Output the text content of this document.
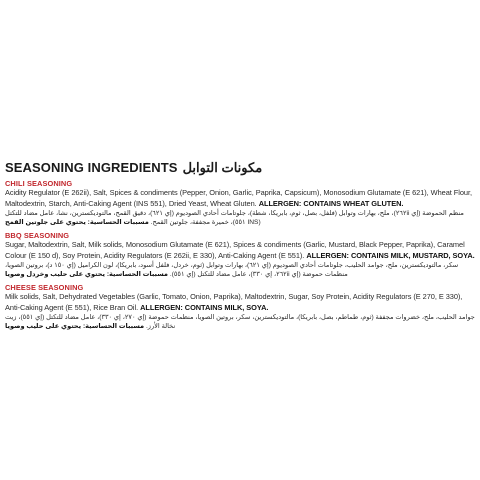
SEASONING INGREDIENTS مكونات التوابل
CHILI SEASONING
Acidity Regulator (E 262ii), Salt, Spices & condiments (Pepper, Onion, Garlic, Paprika, Capsicum), Monosodium Glutamate (E 621), Wheat Flour, Maltodextrin, Starch, Anti-Caking Agent (INS 551), Dried Yeast, Wheat Gluten. ALLERGEN: CONTAINS WHEAT GLUTEN.
منظم الحموضة (إي ٢٦٢ii)، ملح، بهارات وتوابل (فلفل، بصل، ثوم، بابريكا، شطة)، جلوتامات أحادي الصوديوم (إي ٦٢١)، دقيق القمح، مالتوديكسترين، نشا، عامل مضاد للتكتل (INS ٥٥١)، خميرة مجففة، جلوتين القمح. مسببات الحساسية: يحتوي على جلوتين القمح
BBQ SEASONING
Sugar, Maltodextrin, Salt, Milk solids, Monosodium Glutamate (E 621), Spices & condiments (Garlic, Mustard, Black Pepper, Paprika), Caramel Colour (E 150 d), Soy Protein, Acidity Regulators (E 262ii, E 330), Anti-Caking Agent (E 551). ALLERGEN: CONTAINS MILK, MUSTARD, SOYA.
سكر، مالتوديكسترين، ملح، جوامد الحليب، جلوتامات أحادي الصوديوم (إي ٦٢١)، بهارات وتوابل (ثوم، خردل، فلفل أسود، بابريكا)، لون الكراميل (إي ١٥٠ د)، بروتين الصويا، منظمات حموضة (إي ٢٦٢ii، إي ٣٣٠)، عامل مضاد للتكتل (إي ٥٥١). مسببات الحساسية: يحتوي على حليب وخردل وصويا
CHEESE SEASONING
Milk solids, Salt, Dehydrated Vegetables (Garlic, Tomato, Onion, Paprika), Maltodextrin, Sugar, Soy Protein, Acidity Regulators (E 270, E 330), Anti-Caking Agent (E 551), Rice Bran Oil. ALLERGEN: CONTAINS MILK, SOYA.
جوامد الحليب، ملح، خضروات مجففة (ثوم، طماطم، بصل، بابريكا)، مالتوديكسترين، سكر، بروتين الصويا، منظمات حموضة (إي ٢٧٠، إي ٣٣٠)، عامل مضاد للتكتل (إي ٥٥١)، زيت نخالة الأرز. مسببات الحساسية: يحتوي على حليب وصويا
